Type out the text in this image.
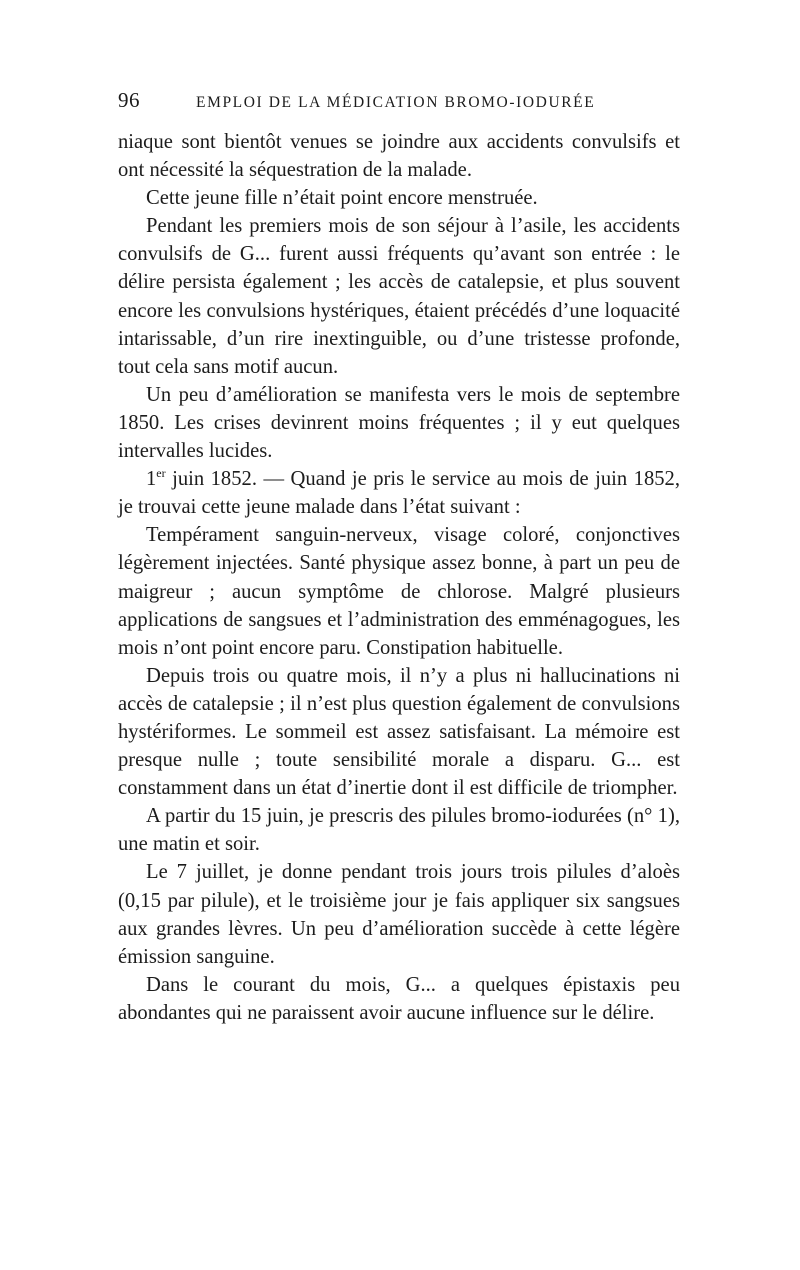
96	EMPLOI DE LA MÉDICATION BROMO-IODURÉE

niaque sont bientôt venues se joindre aux accidents convulsifs et ont nécessité la séquestration de la malade.

Cette jeune fille n’était point encore menstruée.

Pendant les premiers mois de son séjour à l’asile, les accidents convulsifs de G... furent aussi fréquents qu’avant son entrée : le délire persista également ; les accès de catalepsie, et plus souvent encore les convulsions hystériques, étaient précédés d’une loquacité intarissable, d’un rire inextinguible, ou d’une tristesse profonde, tout cela sans motif aucun.

Un peu d’amélioration se manifesta vers le mois de septembre 1850. Les crises devinrent moins fréquentes ; il y eut quelques intervalles lucides.

1er juin 1852. — Quand je pris le service au mois de juin 1852, je trouvai cette jeune malade dans l’état suivant :

Tempérament sanguin-nerveux, visage coloré, conjonctives légèrement injectées. Santé physique assez bonne, à part un peu de maigreur ; aucun symptôme de chlorose. Malgré plusieurs applications de sangsues et l’administration des emménagogues, les mois n’ont point encore paru. Constipation habituelle.

Depuis trois ou quatre mois, il n’y a plus ni hallucinations ni accès de catalepsie ; il n’est plus question également de convulsions hystériformes. Le sommeil est assez satisfaisant. La mémoire est presque nulle ; toute sensibilité morale a disparu. G... est constamment dans un état d’inertie dont il est difficile de triompher.

A partir du 15 juin, je prescris des pilules bromo-iodurées (n° 1), une matin et soir.

Le 7 juillet, je donne pendant trois jours trois pilules d’aloès (0,15 par pilule), et le troisième jour je fais appliquer six sangsues aux grandes lèvres. Un peu d’amélioration succède à cette légère émission sanguine.

Dans le courant du mois, G... a quelques épistaxis peu abondantes qui ne paraissent avoir aucune influence sur le délire.
